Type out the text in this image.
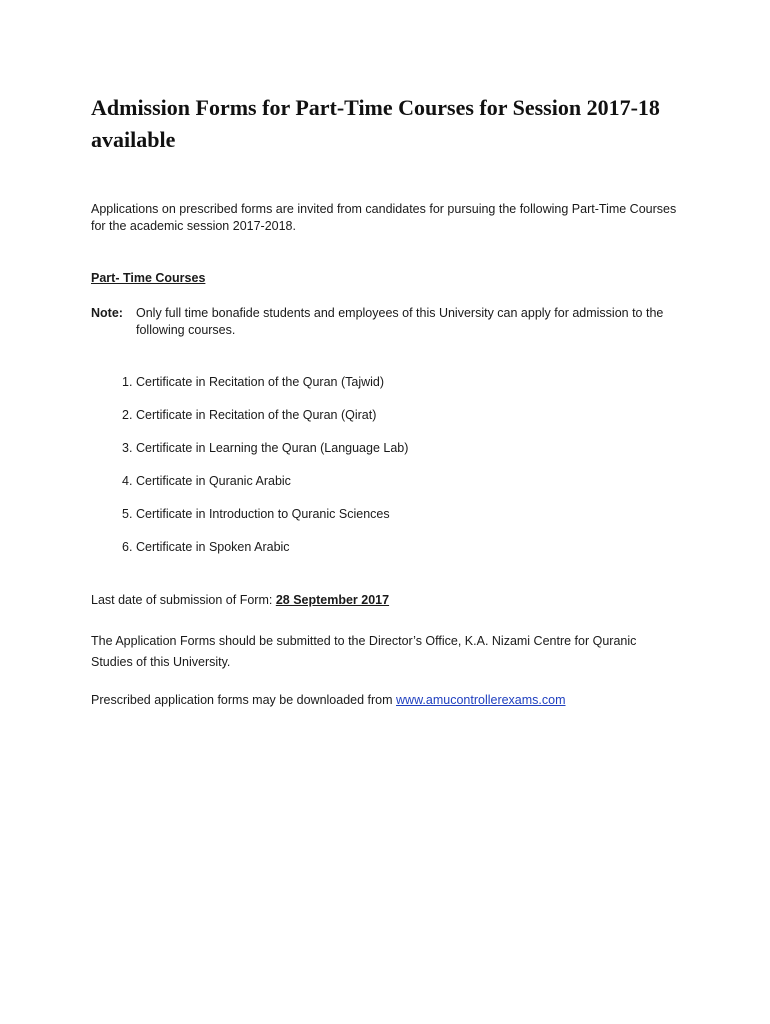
Admission Forms for Part-Time Courses for Session 2017-18 available

Applications on prescribed forms are invited from candidates for pursuing the following Part-Time Courses for the academic session 2017-2018.

Part- Time Courses

Note:	Only full time bonafide students and employees of this University can apply for admission to the following courses.
1. Certificate in Recitation of the Quran (Tajwid)
2. Certificate in Recitation of the Quran (Qirat)
3. Certificate in Learning the Quran (Language Lab)
4. Certificate in Quranic Arabic
5. Certificate in Introduction to Quranic Sciences
6. Certificate in Spoken Arabic

Last date of submission of Form: 28 September 2017

The Application Forms should be submitted to the Director’s Office, K.A. Nizami Centre for Quranic Studies of this University.

Prescribed application forms may be downloaded from www.amucontrollerexams.com
